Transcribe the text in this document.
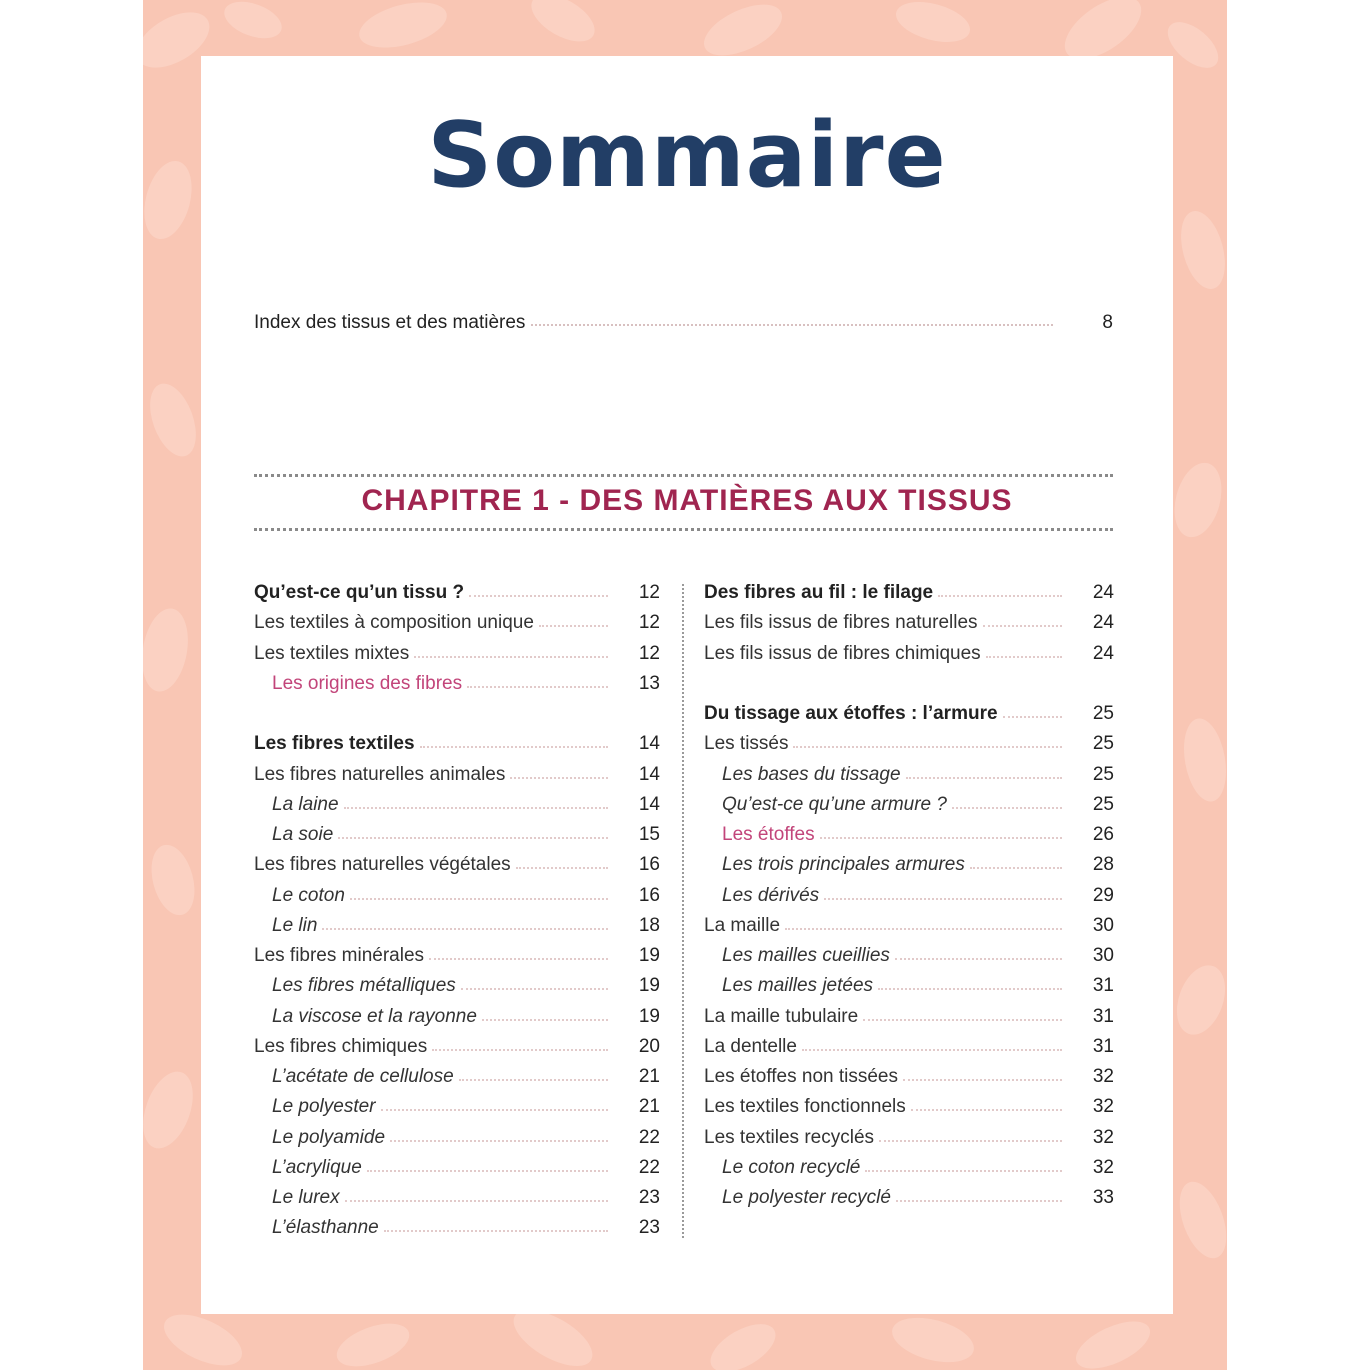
Sommaire
Index des tissus et des matières	8
CHAPITRE 1 - DES MATIÈRES AUX TISSUS
Qu’est-ce qu’un tissu ?	12
Les textiles à composition unique	12
Les textiles mixtes	12
Les origines des fibres	13
Les fibres textiles	14
Les fibres naturelles animales	14
La laine	14
La soie	15
Les fibres naturelles végétales	16
Le coton	16
Le lin	18
Les fibres minérales	19
Les fibres métalliques	19
La viscose et la rayonne	19
Les fibres chimiques	20
L’acétate de cellulose	21
Le polyester	21
Le polyamide	22
L’acrylique	22
Le lurex	23
L’élasthanne	23
Des fibres au fil : le filage	24
Les fils issus de fibres naturelles	24
Les fils issus de fibres chimiques	24
Du tissage aux étoffes : l’armure	25
Les tissés	25
Les bases du tissage	25
Qu’est-ce qu’une armure ?	25
Les étoffes	26
Les trois principales armures	28
Les dérivés	29
La maille	30
Les mailles cueillies	30
Les mailles jetées	31
La maille tubulaire	31
La dentelle	31
Les étoffes non tissées	32
Les textiles fonctionnels	32
Les textiles recyclés	32
Le coton recyclé	32
Le polyester recyclé	33
